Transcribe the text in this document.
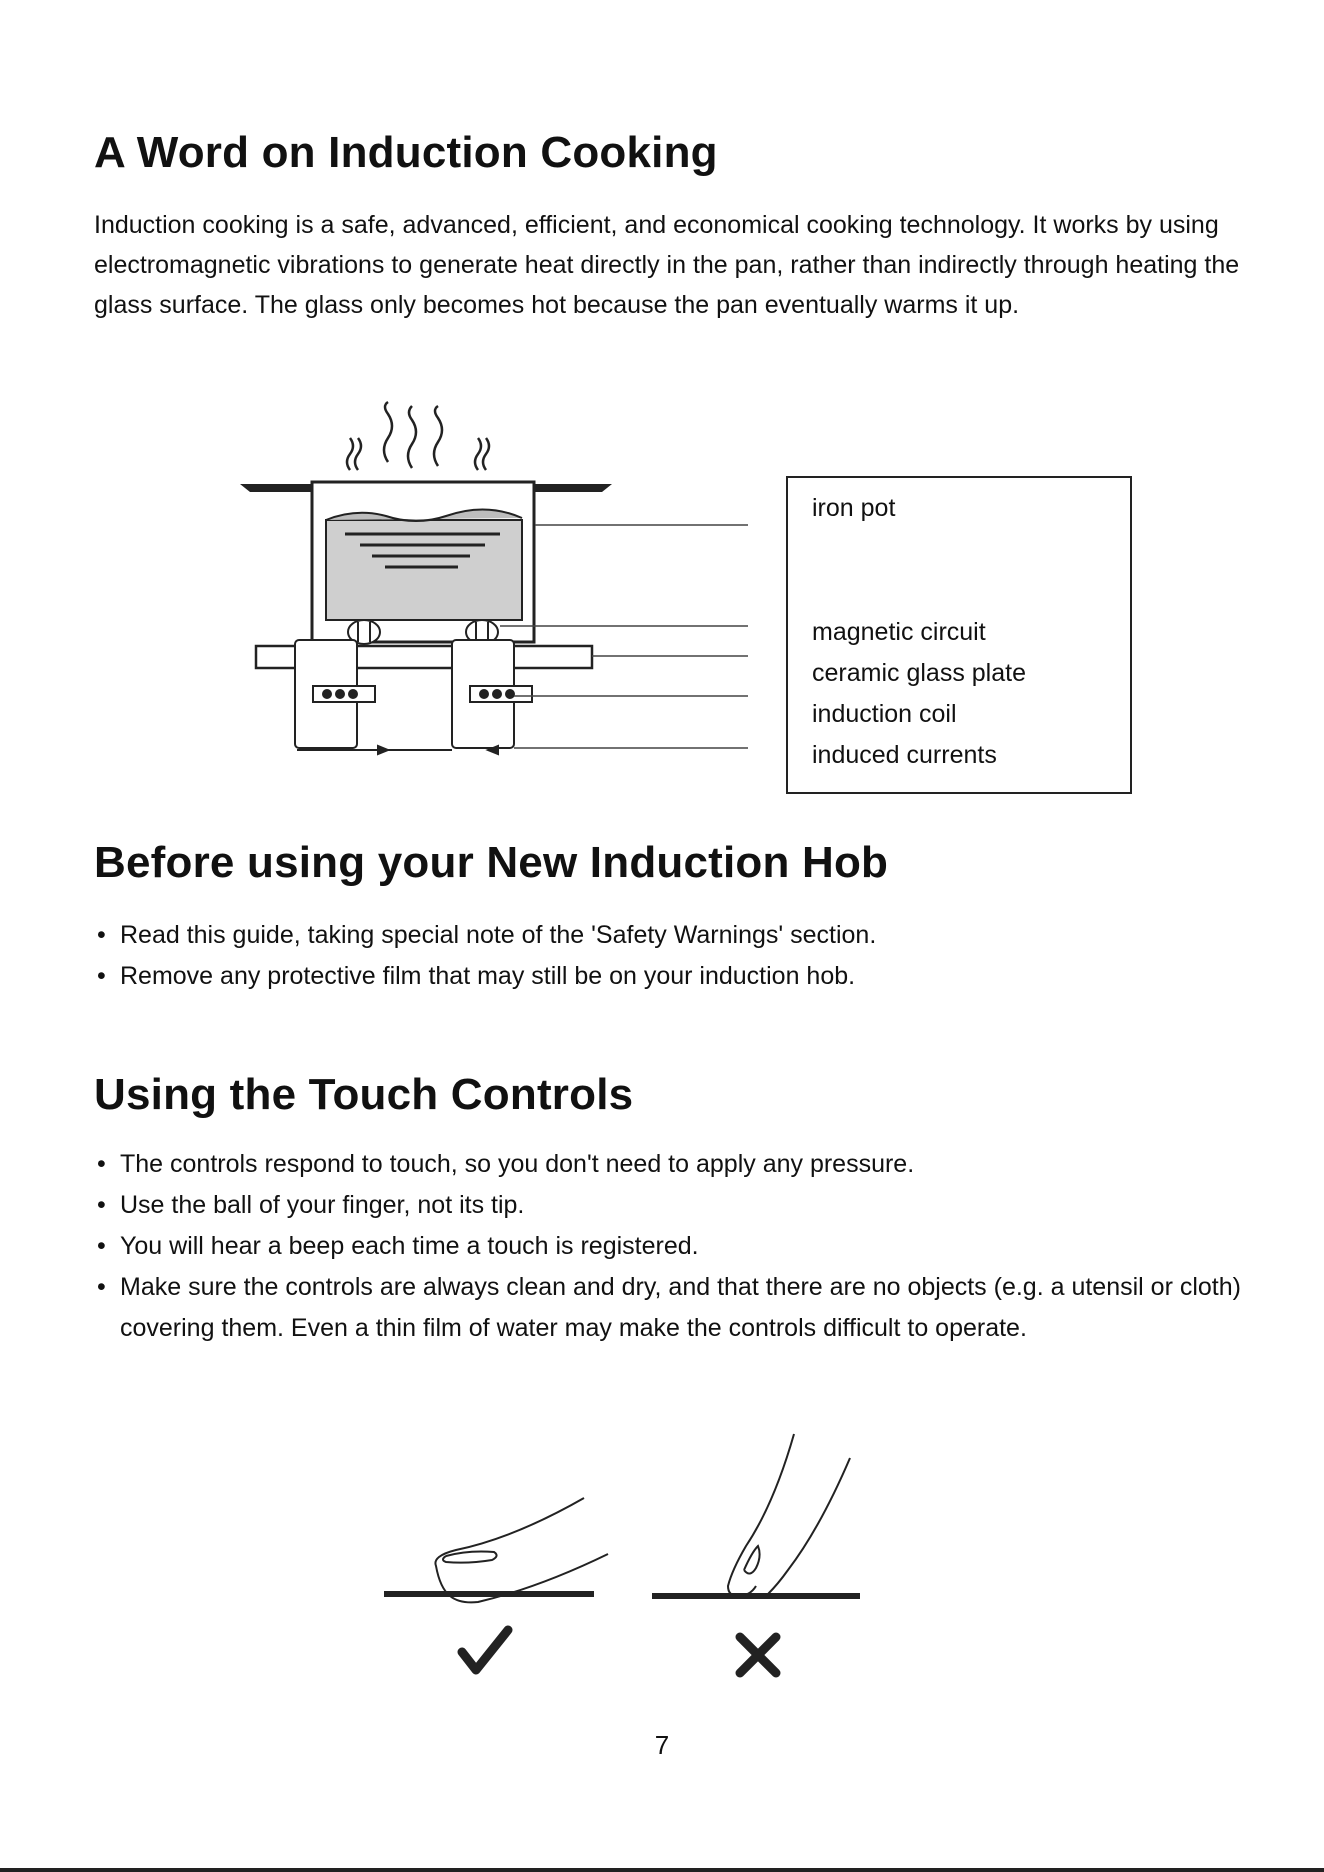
A Word on Induction Cooking

Induction cooking is a safe, advanced, efficient, and economical cooking technology. It works by using electromagnetic vibrations to generate heat directly in the pan, rather than indirectly through heating the glass surface. The glass only becomes hot because the pan eventually warms it up.

iron pot
magnetic circuit
ceramic glass plate
induction coil
induced currents
Before using your New Induction Hob
• Read this guide, taking special note of the 'Safety Warnings' section.
• Remove any protective film that may still be on your induction hob.
Using the Touch Controls
• The controls respond to touch, so you don't need to apply any pressure.
• Use the ball of your finger, not its tip.
• You will hear a beep each time a touch is registered.
• Make sure the controls are always clean and dry, and that there are no objects (e.g. a utensil or cloth) covering them. Even a thin film of water may make the controls difficult to operate.
7
